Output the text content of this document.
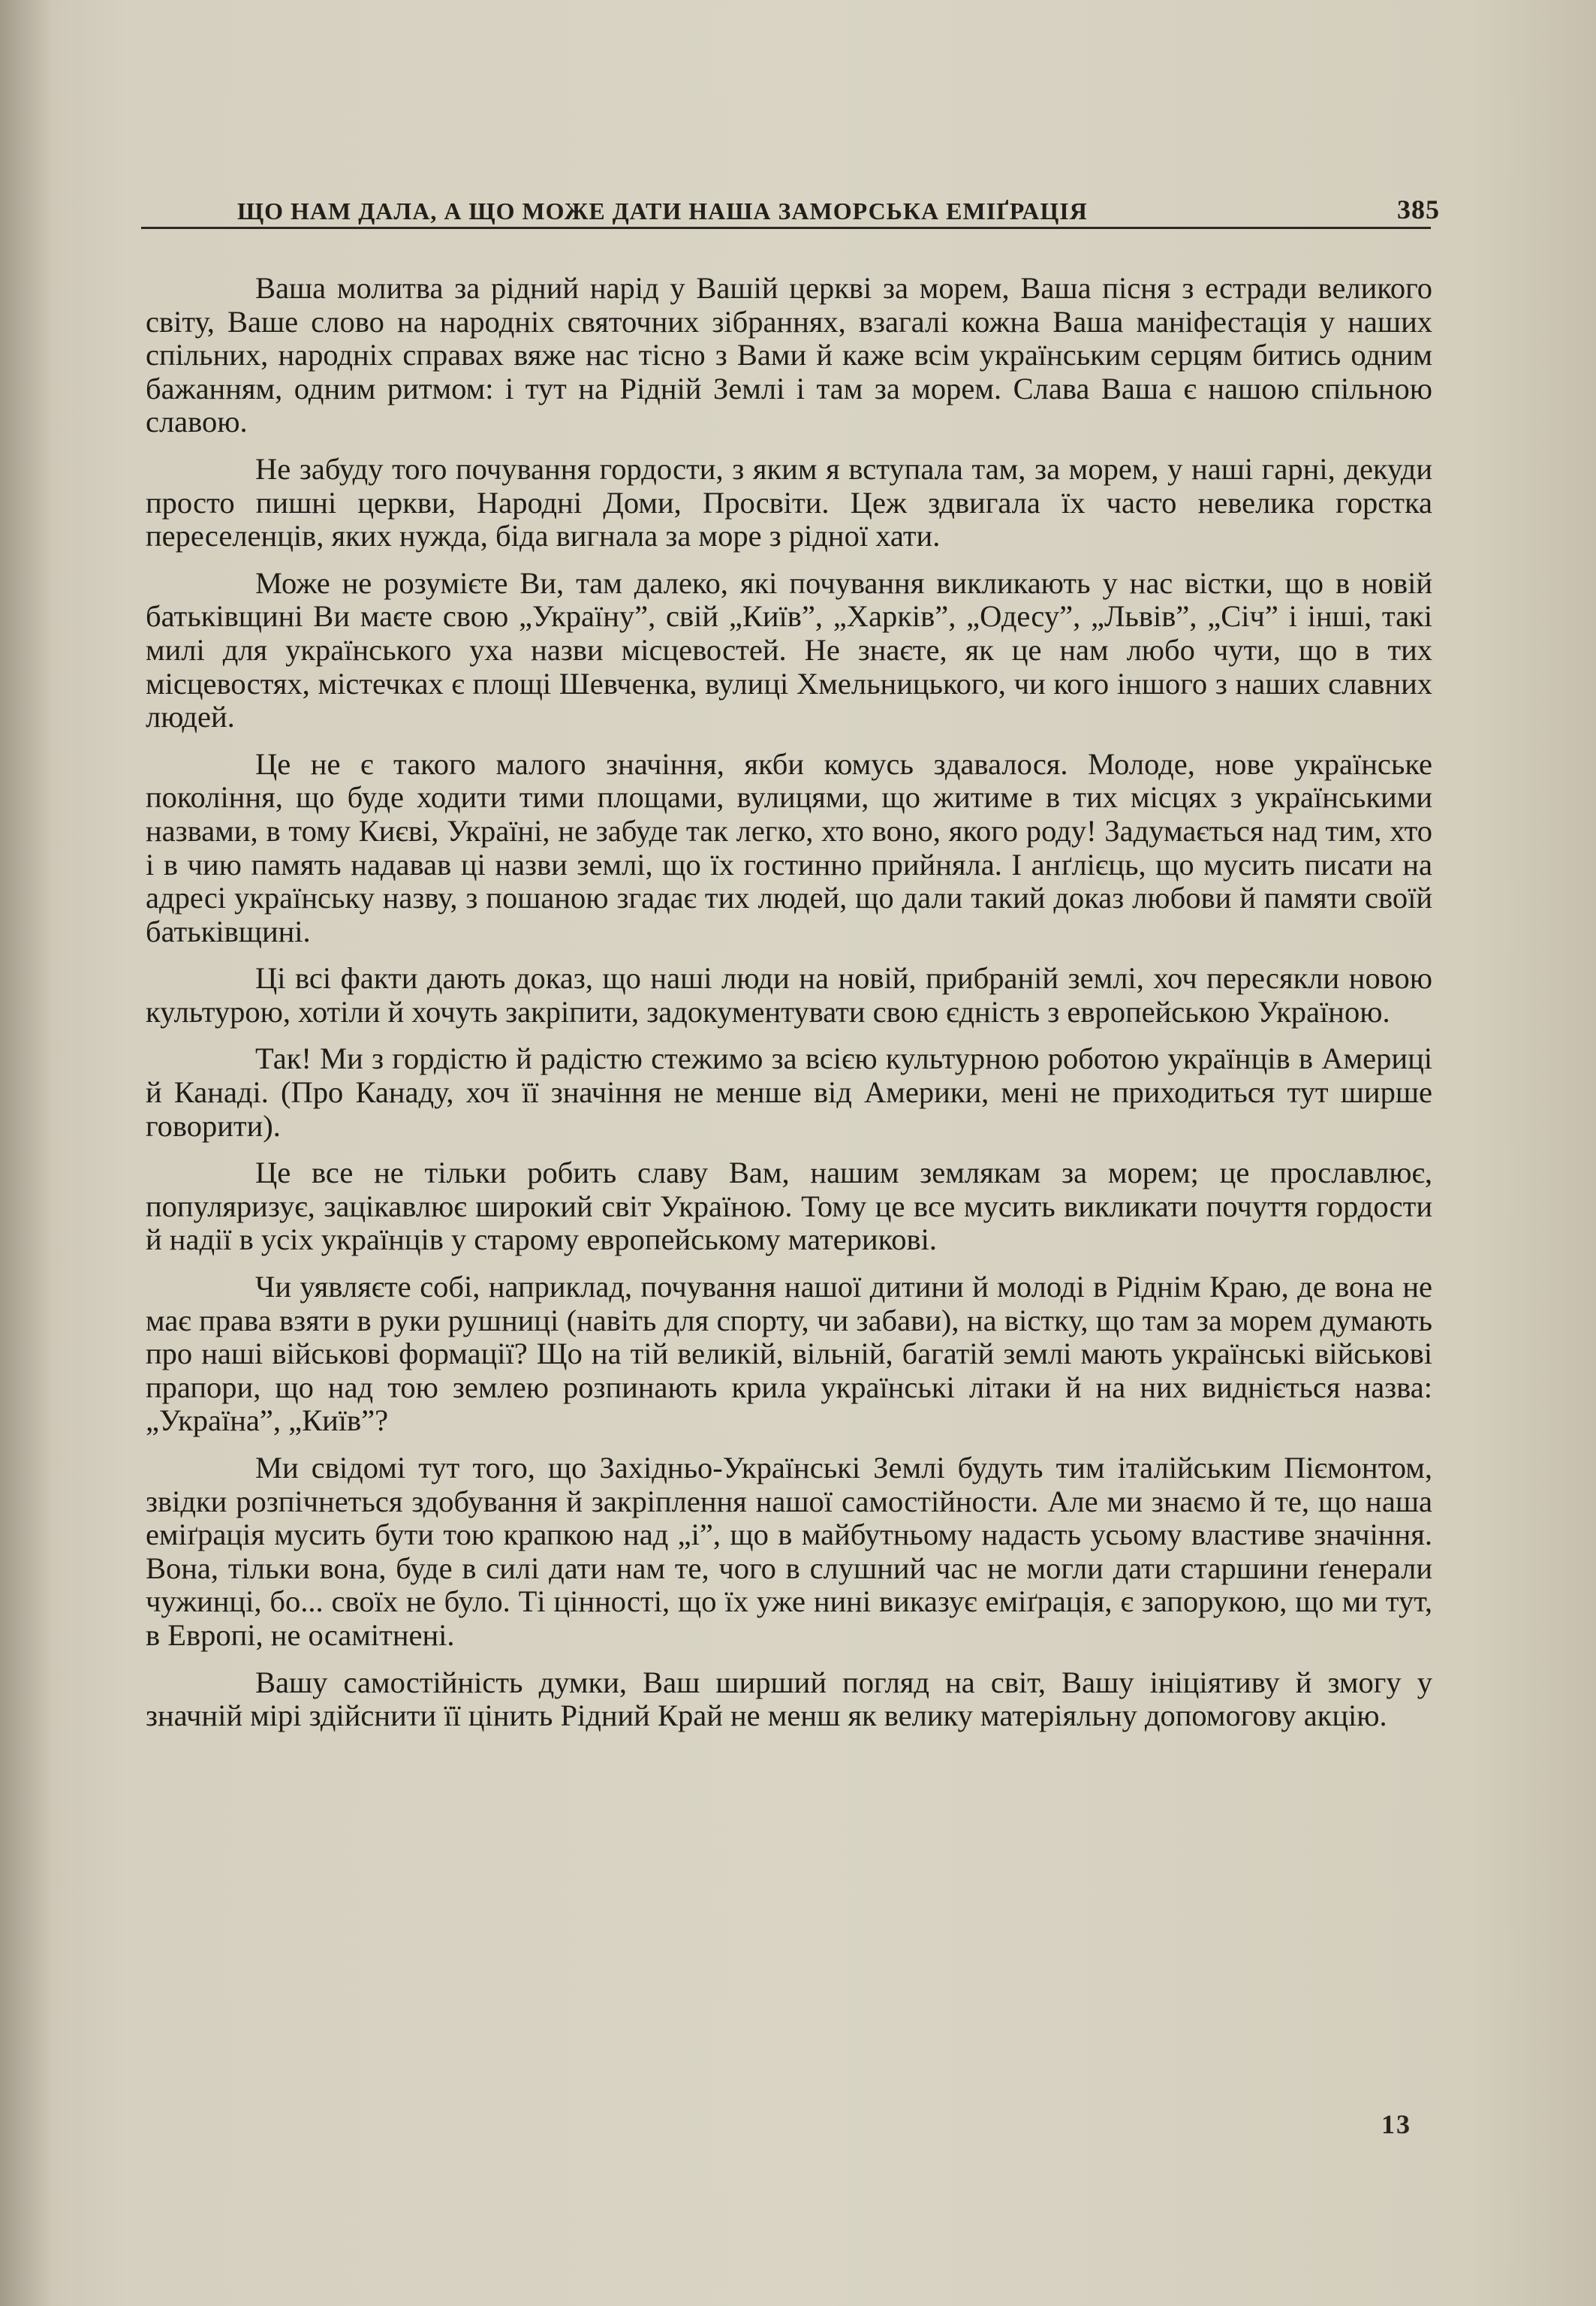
ЩО НАМ ДАЛА, А ЩО МОЖЕ ДАТИ НАША ЗАМОРСЬКА ЕМІҐРАЦІЯ	385

Ваша молитва за рідний нарід у Вашій церкві за морем, Ваша пісня з естради великого світу, Ваше слово на народніх святочних зібраннях, взагалі кожна Ваша маніфестація у наших спільних, народніх справах вяже нас тісно з Вами й каже всім українським серцям битись одним бажанням, одним ритмом: і тут на Рідній Землі і там за морем. Слава Ваша є нашою спільною славою.

Не забуду того почування гордости, з яким я вступала там, за морем, у наші гарні, декуди просто пишні церкви, Народні Доми, Просвіти. Цеж здвигала їх часто невелика горстка переселенців, яких нужда, біда вигнала за море з рідної хати.

Може не розумієте Ви, там далеко, які почування викликають у нас вістки, що в новій батьківщині Ви маєте свою „Україну”, свій „Київ”, „Харків”, „Одесу”, „Львів”, „Січ” і інші, такі милі для українського уха назви місцевостей. Не знаєте, як це нам любо чути, що в тих місцевостях, містечках є площі Шевченка, вулиці Хмельницького, чи кого іншого з наших славних людей.

Це не є такого малого значіння, якби комусь здавалося. Молоде, нове українське покоління, що буде ходити тими площами, вулицями, що житиме в тих місцях з українськими назвами, в тому Києві, Україні, не забуде так легко, хто воно, якого роду! Задумається над тим, хто і в чию память надавав ці назви землі, що їх гостинно прийняла. І анґлієць, що мусить писати на адресі українську назву, з пошаною згадає тих людей, що дали такий доказ любови й памяти своїй батьківщині.

Ці всі факти дають доказ, що наші люди на новій, прибраній землі, хоч пересякли новою культурою, хотіли й хочуть закріпити, задокументувати свою єдність з европейською Україною.

Так! Ми з гордістю й радістю стежимо за всією культурною роботою українців в Америці й Канаді. (Про Канаду, хоч її значіння не менше від Америки, мені не приходиться тут ширше говорити).

Це все не тільки робить славу Вам, нашим землякам за морем; це прославлює, популяризує, зацікавлює широкий світ Україною. Тому це все мусить викликати почуття гордости й надії в усіх українців у старому европейському материкові.

Чи уявляєте собі, наприклад, почування нашої дитини й молоді в Ріднім Краю, де вона не має права взяти в руки рушниці (навіть для спорту, чи забави), на вістку, що там за морем думають про наші військові формації? Що на тій великій, вільній, багатій землі мають українські військові прапори, що над тою землею розпинають крила українські літаки й на них видніється назва: „Україна”, „Київ”?

Ми свідомі тут того, що Західньо-Українські Землі будуть тим італійським Піємонтом, звідки розпічнеться здобування й закріплення нашої самостійности. Але ми знаємо й те, що наша еміґрація мусить бути тою крапкою над „і”, що в майбутньому надасть усьому властиве значіння. Вона, тільки вона, буде в силі дати нам те, чого в слушний час не могли дати старшини ґенерали чужинці, бо... своїх не було. Ті цінності, що їх уже нині виказує еміґрація, є запорукою, що ми тут, в Европі, не осамітнені.

Вашу самостійність думки, Ваш ширший погляд на світ, Вашу ініціятиву й змогу у значній мірі здійснити її цінить Рідний Край не менш як велику матеріяльну допомогову акцію.

13
